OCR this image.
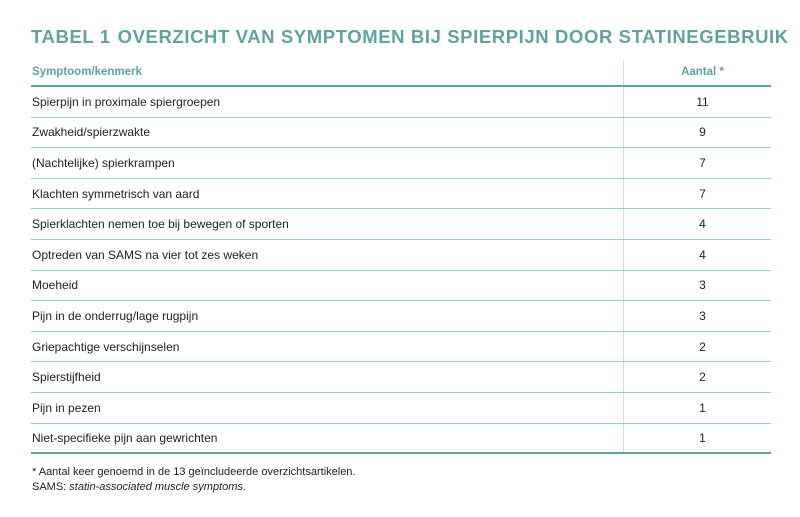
TABEL 1 OVERZICHT VAN SYMPTOMEN BIJ SPIERPIJN DOOR STATINEGEBRUIK
Symptoom/kenmerk	Aantal *
Spierpijn in proximale spiergroepen	11
Zwakheid/spierzwakte	9
(Nachtelijke) spierkrampen	7
Klachten symmetrisch van aard	7
Spierklachten nemen toe bij bewegen of sporten	4
Optreden van SAMS na vier tot zes weken	4
Moeheid	3
Pijn in de onderrug/lage rugpijn	3
Griepachtige verschijnselen	2
Spierstijfheid	2
Pijn in pezen	1
Niet-specifieke pijn aan gewrichten	1
* Aantal keer genoemd in de 13 geïncludeerde overzichtsartikelen.
SAMS: statin-associated muscle symptoms.
